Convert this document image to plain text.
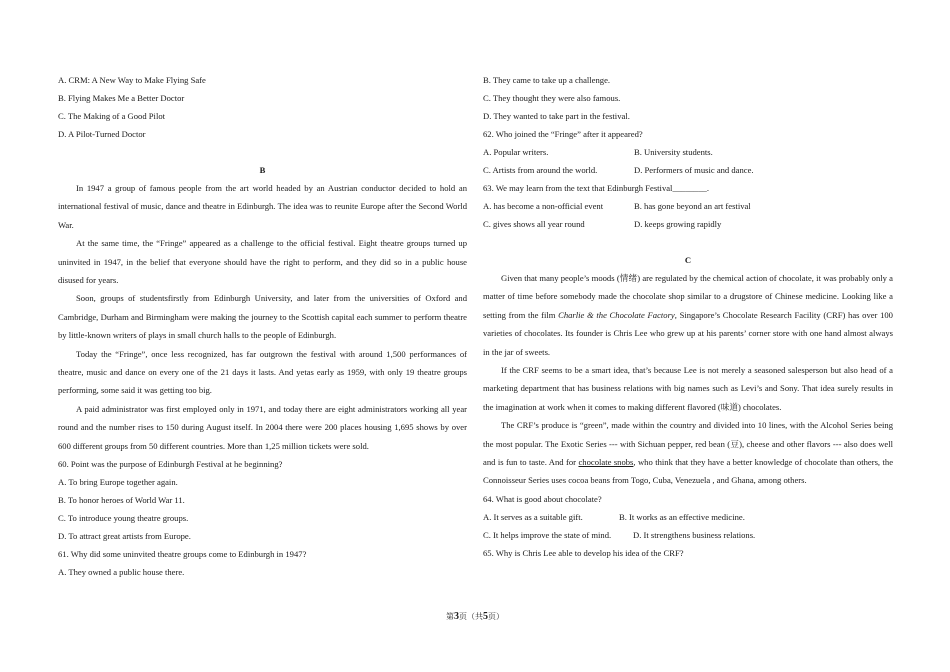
A. CRM: A New Way to Make Flying Safe
B. Flying Makes Me a Better Doctor
C. The Making of a Good Pilot
D. A Pilot-Turned Doctor
B
In 1947 a group of famous people from the art world headed by an Austrian conductor decided to hold an international festival of music, dance and theatre in Edinburgh. The idea was to reunite Europe after the Second World War.
At the same time, the “Fringe” appeared as a challenge to the official festival. Eight theatre groups turned up uninvited in 1947, in the belief that everyone should have the right to perform, and they did so in a public house disused for years.
Soon, groups of studentsfirstly from Edinburgh University, and later from the universities of Oxford and Cambridge, Durham and Birmingham were making the journey to the Scottish capital each summer to perform theatre by little-known writers of plays in small church halls to the people of Edinburgh.
Today the “Fringe”, once less recognized, has far outgrown the festival with around 1,500 performances of theatre, music and dance on every one of the 21 days it lasts. And yetas early as 1959, with only 19 theatre groups performing, some said it was getting too big.
A paid administrator was first employed only in 1971, and today there are eight administrators working all year round and the number rises to 150 during August itself. In 2004 there were 200 places housing 1,695 shows by over 600 different groups from 50 different countries. More than 1,25 million tickets were sold.
60. Point was the purpose of Edinburgh Festival at he beginning?
A. To bring Europe together again.
B. To honor heroes of World War 11.
C. To introduce young theatre groups.
D. To attract great artists from Europe.
61. Why did some uninvited theatre groups come to Edinburgh in 1947?
A. They owned a public house there.
B. They came to take up a challenge.
C. They thought they were also famous.
D. They wanted to take part in the festival.
62. Who joined the “Fringe” after it appeared?
A. Popular writers.	B. University students.
C. Artists from around the world.	D. Performers of music and dance.
63. We may learn from the text that Edinburgh Festival________.
A. has become a non-official event	B. has gone beyond an art festival
C. gives shows all year round	D. keeps growing rapidly
C
Given that many people’s moods (情绪) are regulated by the chemical action of chocolate, it was probably only a matter of time before somebody made the chocolate shop similar to a drugstore of Chinese medicine. Looking like a setting from the film Charlie & the Chocolate Factory, Singapore’s Chocolate Research Facility (CRF) has over 100 varieties of chocolates. Its founder is Chris Lee who grew up at his parents’ corner store with one hand almost always in the jar of sweets.
If the CRF seems to be a smart idea, that’s because Lee is not merely a seasoned salesperson but also head of a marketing department that has business relations with big names such as Levi’s and Sony. That idea surely results in the imagination at work when it comes to making different flavored (味道) chocolates.
The CRF’s produce is “green”, made within the country and divided into 10 lines, with the Alcohol Series being the most popular. The Exotic Series --- with Sichuan pepper, red bean (豆), cheese and other flavors --- also does well and is fun to taste. And for chocolate snobs, who think that they have a better knowledge of chocolate than others, the Connoisseur Series uses cocoa beans from Togo, Cuba, Venezuela , and Ghana, among others.
64. What is good about chocolate?
A. It serves as a suitable gift.	B. It works as an effective medicine.
C. It helps improve the state of mind.	D. It strengthens business relations.
65. Why is Chris Lee able to develop his idea of the CRF?
第3页（共5页）
